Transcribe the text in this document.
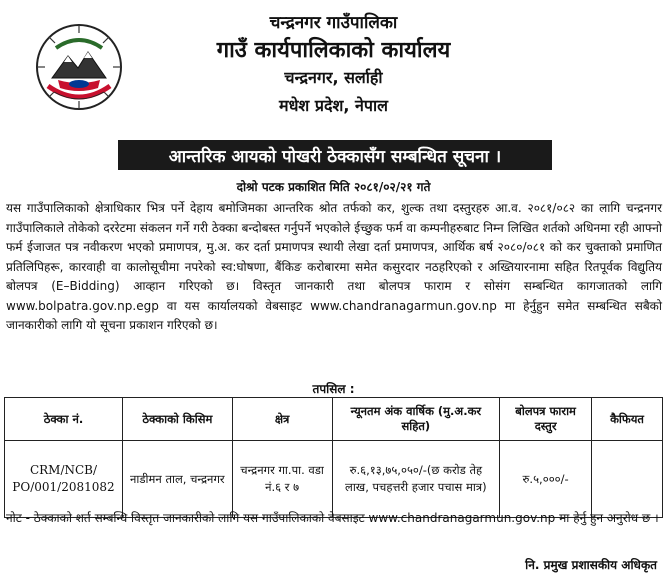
चन्द्रनगर गाउँपालिका
गाउँ कार्यपालिकाको कार्यालय
चन्द्रनगर, सर्लाही
मधेश प्रदेश, नेपाल
आन्तरिक आयको पोखरी ठेक्कासँग सम्बन्धित सूचना ।
दोश्रो पटक प्रकाशित मिति २०८१/०२/२१ गते

यस गाउँपालिकाको क्षेत्राधिकार भित्र पर्ने देहाय बमोजिमका आन्तरिक श्रोत तर्फको कर, शुल्क तथा दस्तुरहरु आ.व. २०८१/०८२ का लागि चन्द्रनगर गाउँपालिकाले तोकेको दररेटमा संकलन गर्ने गरी ठेक्का बन्दोबस्त गर्नुपर्ने भएकोले ईच्छुक फर्म वा कम्पनीहरुबाट निम्न लिखित शर्तको अधिनमा रही आफ्नो फर्म ईजाजत पत्र नवीकरण भएको प्रमाणपत्र, मु.अ. कर दर्ता प्रमाणपत्र स्थायी लेखा दर्ता प्रमाणपत्र, आर्थिक बर्ष २०८०/०८१ को कर चुक्ताको प्रमाणित प्रतिलिपिहरू, कारवाही वा कालोसूचीमा नपरेको स्व:घोषणा, बैंकिङ करोबारमा समेत कसुरदार नठहरिएको र अख्तियारनामा सहित रितपूर्वक विद्युतिय बोलपत्र (E–Bidding) आव्हान गरिएको छ। विस्तृत जानकारी तथा बोलपत्र फाराम र सोसंग सम्बन्धित कागजातको लागि www.bolpatra.gov.np.egp वा यस कार्यालयको वेबसाइट www.chandranagarmun.gov.np मा हेर्नुहुन समेत सम्बन्धित सबैको जानकारीको लागि यो सूचना प्रकाशन गरिएको छ।

तपसिल :
ठेक्का नं.	ठेक्काको किसिम	क्षेत्र	न्यूनतम अंक वार्षिक (मु.अ.कर सहित)	बोलपत्र फाराम दस्तुर	कैफियत
CRM/NCB/ PO/001/2081082	नाडीमन ताल, चन्द्रनगर	चन्द्रनगर गा.पा. वडा नं.६ र ७	रु.६,१३,७५,०५०/-(छ करोड तेह लाख, पचहत्तरी हजार पचास मात्र)	रु.५,०००/-	

नोट - ठेक्काको शर्त सम्बन्धि विस्तृत जानकारीको लागि यस गाउँपालिकाको वेबसाइट www.chandranagarmun.gov.np मा हेर्नु हुन अनुरोध छ ।

नि. प्रमुख प्रशासकीय अधिकृत
